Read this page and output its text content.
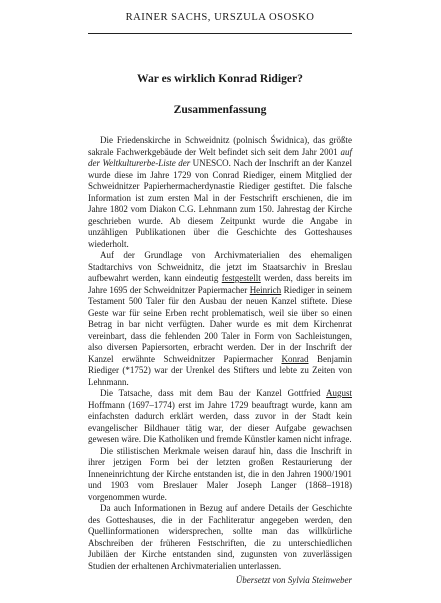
RAINER SACHS, URSZULA OSOSKO
War es wirklich Konrad Ridiger?
Zusammenfassung

Die Friedenskirche in Schweidnitz (polnisch Świdnica), das größte sakrale Fachwerkgebäude der Welt befindet sich seit dem Jahr 2001 auf der Weltkulturerbe-Liste der UNESCO. Nach der Inschrift an der Kanzel wurde diese im Jahre 1729 von Conrad Riediger, einem Mitglied der Schweidnitzer Papierhermacherdynastie Riediger gestiftet. Die falsche Information ist zum ersten Mal in der Festschrift erschienen, die im Jahre 1802 vom Diakon C.G. Lehnmann zum 150. Jahrestag der Kirche geschrieben wurde. Ab diesem Zeitpunkt wurde die Angabe in unzähligen Publikationen über die Geschichte des Gotteshauses wiederholt.

Auf der Grundlage von Archivmaterialien des ehemaligen Stadtarchivs von Schweidnitz, die jetzt im Staatsarchiv in Breslau aufbewahrt werden, kann eindeutig festgestellt werden, dass bereits im Jahre 1695 der Schweidnitzer Papiermacher Heinrich Riediger in seinem Testament 500 Taler für den Ausbau der neuen Kanzel stiftete. Diese Geste war für seine Erben recht problematisch, weil sie über so einen Betrag in bar nicht verfügten. Daher wurde es mit dem Kirchenrat vereinbart, dass die fehlenden 200 Taler in Form von Sachleistungen, also diversen Papiersorten, erbracht werden. Der in der Inschrift der Kanzel erwähnte Schweidnitzer Papiermacher Konrad Benjamin Riediger (*1752) war der Urenkel des Stifters und lebte zu Zeiten von Lehnmann.

Die Tatsache, dass mit dem Bau der Kanzel Gottfried August Hoffmann (1697–1774) erst im Jahre 1729 beauftragt wurde, kann am einfachsten dadurch erklärt werden, dass zuvor in der Stadt kein evangelischer Bildhauer tätig war, der dieser Aufgabe gewachsen gewesen wäre. Die Katholiken und fremde Künstler kamen nicht infrage.

Die stilistischen Merkmale weisen darauf hin, dass die Inschrift in ihrer jetzigen Form bei der letzten großen Restaurierung der Inneneinrichtung der Kirche entstanden ist, die in den Jahren 1900/1901 und 1903 vom Breslauer Maler Joseph Langer (1868–1918) vorgenommen wurde.

Da auch Informationen in Bezug auf andere Details der Geschichte des Gotteshauses, die in der Fachliteratur angegeben werden, den Quellinformationen widersprechen, sollte man das willkürliche Abschreiben der früheren Festschriften, die zu unterschiedlichen Jubiläen der Kirche entstanden sind, zugunsten von zuverlässigen Studien der erhaltenen Archivmaterialien unterlassen.

Übersetzt von Sylvia Steinweber
